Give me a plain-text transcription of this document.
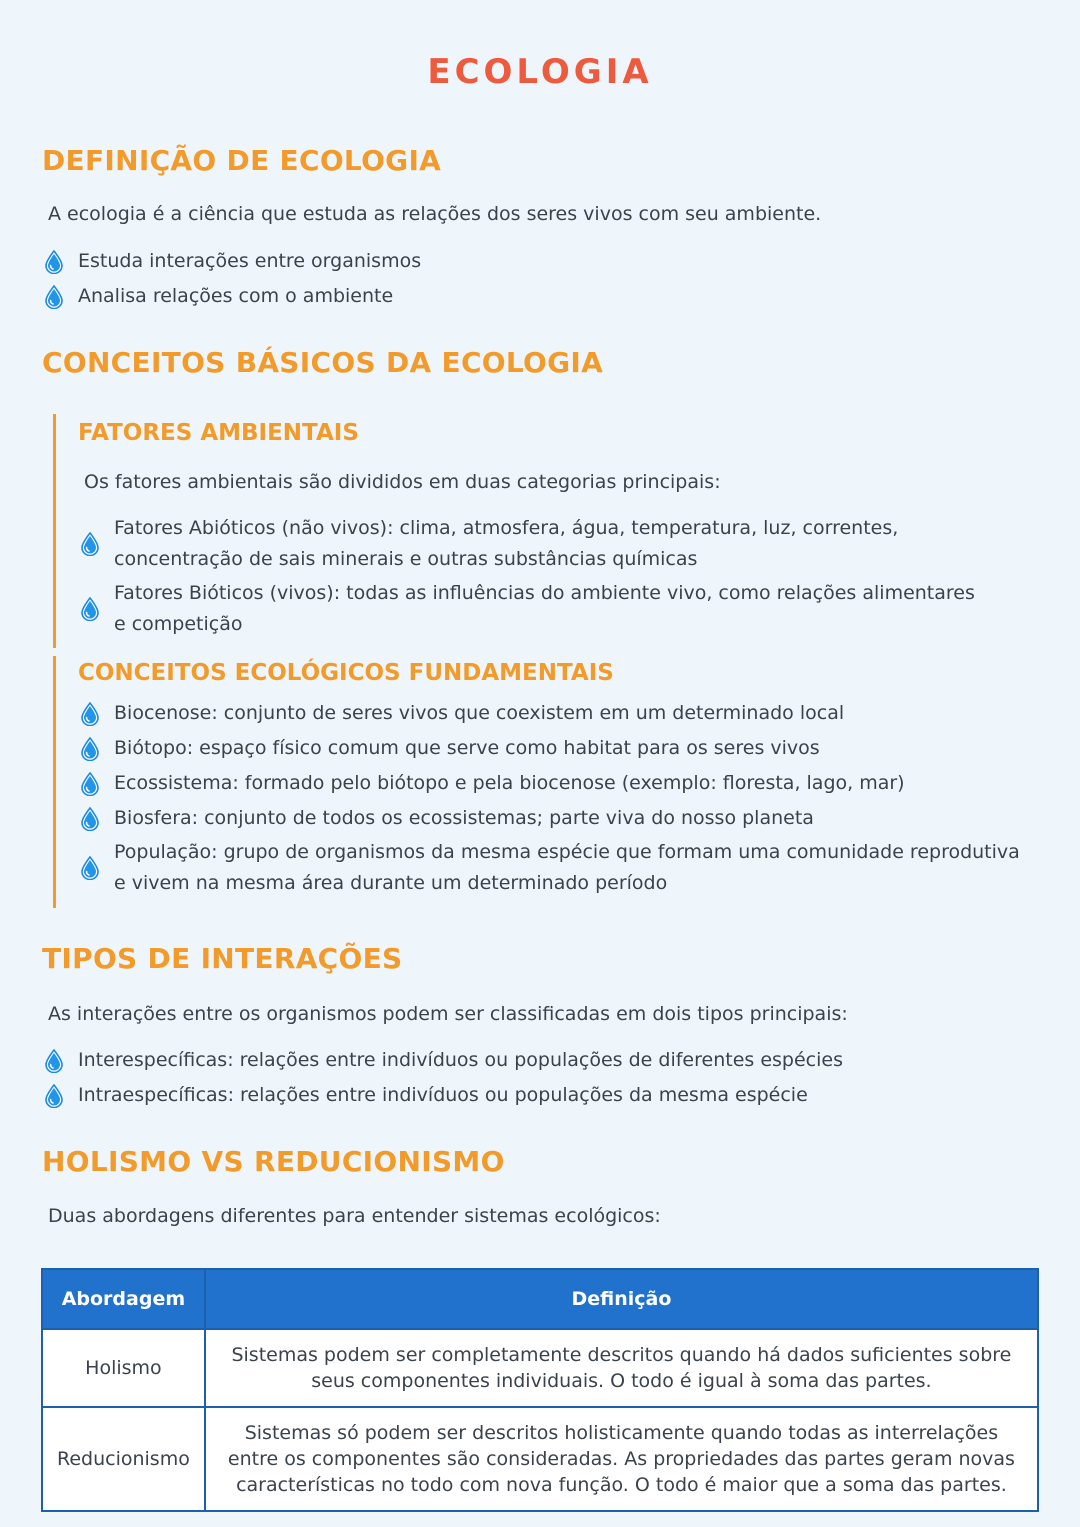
ECOLOGIA
DEFINIÇÃO DE ECOLOGIA
A ecologia é a ciência que estuda as relações dos seres vivos com seu ambiente.
Estuda interações entre organismos
Analisa relações com o ambiente
CONCEITOS BÁSICOS DA ECOLOGIA
FATORES AMBIENTAIS
Os fatores ambientais são divididos em duas categorias principais:
Fatores Abióticos (não vivos): clima, atmosfera, água, temperatura, luz, correntes, concentração de sais minerais e outras substâncias químicas
Fatores Bióticos (vivos): todas as influências do ambiente vivo, como relações alimentares e competição
CONCEITOS ECOLÓGICOS FUNDAMENTAIS
Biocenose: conjunto de seres vivos que coexistem em um determinado local
Biótopo: espaço físico comum que serve como habitat para os seres vivos
Ecossistema: formado pelo biótopo e pela biocenose (exemplo: floresta, lago, mar)
Biosfera: conjunto de todos os ecossistemas; parte viva do nosso planeta
População: grupo de organismos da mesma espécie que formam uma comunidade reprodutiva e vivem na mesma área durante um determinado período
TIPOS DE INTERAÇÕES
As interações entre os organismos podem ser classificadas em dois tipos principais:
Interespecíficas: relações entre indivíduos ou populações de diferentes espécies
Intraespecíficas: relações entre indivíduos ou populações da mesma espécie
HOLISMO VS REDUCIONISMO
Duas abordagens diferentes para entender sistemas ecológicos:
Abordagem	Definição
Holismo	Sistemas podem ser completamente descritos quando há dados suficientes sobre seus componentes individuais. O todo é igual à soma das partes.
Reducionismo	Sistemas só podem ser descritos holisticamente quando todas as interrelações entre os componentes são consideradas. As propriedades das partes geram novas características no todo com nova função. O todo é maior que a soma das partes.
